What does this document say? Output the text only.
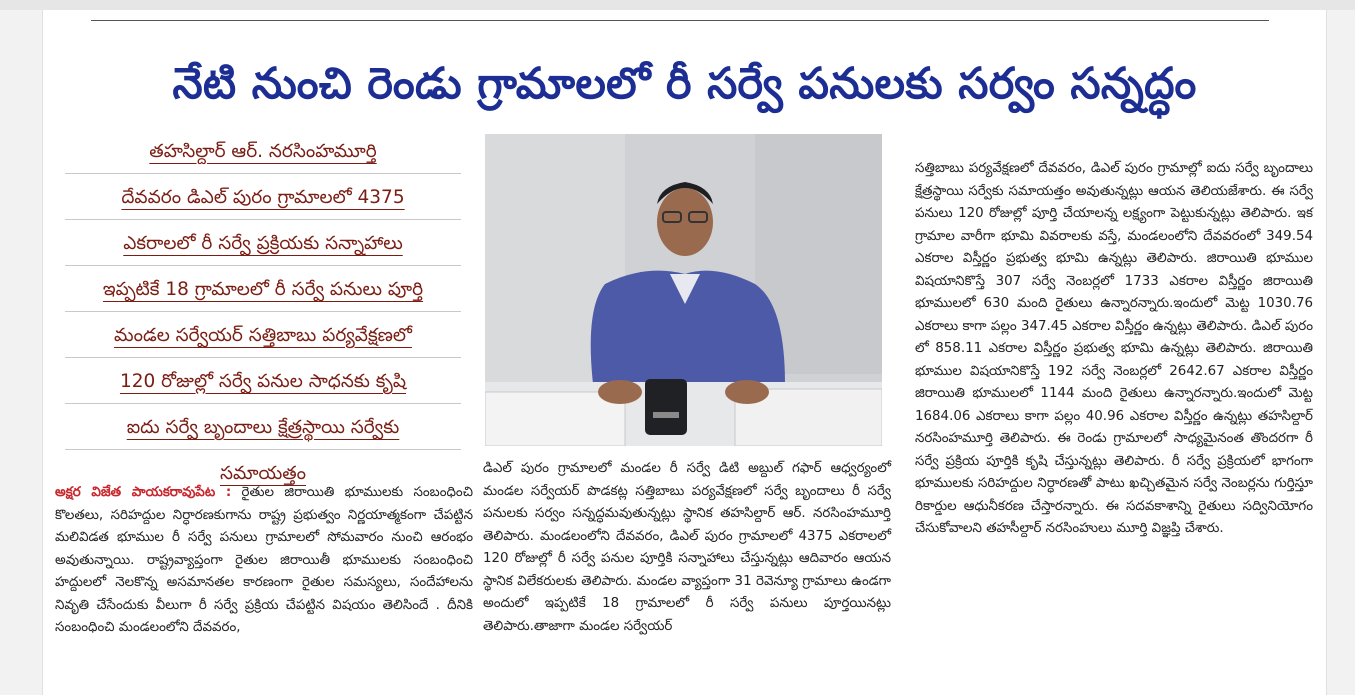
నేటి నుంచి రెండు గ్రామాలలో రీ సర్వే పనులకు సర్వం సన్నద్ధం
తహసిల్దార్ ఆర్. నరసింహమూర్తి
దేవవరం డిఎల్ పురం గ్రామాలలో 4375
ఎకరాలలో రీ సర్వే ప్రక్రియకు సన్నాహాలు
ఇప్పటికే 18 గ్రామాలలో రీ సర్వే పనులు పూర్తి
మండల సర్వేయర్ సత్తిబాబు పర్యవేక్షణలో
120 రోజుల్లో సర్వే పనుల సాధనకు కృషి
ఐదు సర్వే బృందాలు క్షేత్రస్థాయి సర్వేకు
సమాయత్తం

అక్షర విజేత పాయకరావుపేట : రైతుల జిరాయితి భూములకు సంబంధించి కొలతలు, సరిహద్దుల నిర్ధారణకుగాను రాష్ట్ర ప్రభుత్వం నిర్ణయాత్మకంగా చేపట్టిన మలివిడత భూముల రీ సర్వే పనులు గ్రామాలలో సోమవారం నుంచి ఆరంభం అవుతున్నాయి. రాష్ట్రవ్యాప్తంగా రైతుల జిరాయితీ భూములకు సంబంధించి హద్దులలో నెలకొన్న అసమానతల కారణంగా రైతుల సమస్యలు, సందేహాలను నివృతి చేసేందుకు వీలుగా రీ సర్వే ప్రక్రియ చేపట్టిన విషయం తెలిసిందే . దీనికి సంబంధించి మండలంలోని దేవవరం,

డిఎల్ పురం గ్రామాలలో మండల రీ సర్వే డిటి అబ్దుల్ గఫార్ ఆధ్వర్యంలో మండల సర్వేయర్ పొడకట్ల సత్తిబాబు పర్యవేక్షణలో సర్వే బృందాలు రీ సర్వే పనులకు సర్వం సన్నద్ధమవుతున్నట్లు స్థానిక తహసిల్దార్ ఆర్. నరసింహమూర్తి తెలిపారు. మండలంలోని దేవవరం, డిఎల్ పురం గ్రామాలలో 4375 ఎకరాలలో 120 రోజుల్లో రీ సర్వే పనుల పూర్తికి సన్నాహాలు చేస్తున్నట్లు ఆదివారం ఆయన స్థానిక విలేకరులకు తెలిపారు. మండల వ్యాప్తంగా 31 రెవెన్యూ గ్రామాలు ఉండగా అందులో ఇప్పటికే 18 గ్రామాలలో రీ సర్వే పనులు పూర్తయినట్లు తెలిపారు.తాజాగా మండల సర్వేయర్

సత్తిబాబు పర్యవేక్షణలో దేవవరం, డిఎల్ పురం గ్రామాల్లో ఐదు సర్వే బృందాలు క్షేత్రస్థాయి సర్వేకు సమాయత్తం అవుతున్నట్లు ఆయన తెలియజేశారు. ఈ సర్వే పనులు 120 రోజుల్లో పూర్తి చేయాలన్న లక్ష్యంగా పెట్టుకున్నట్లు తెలిపారు. ఇక గ్రామాల వారీగా భూమి వివరాలకు వస్తే, మండలంలోని దేవవరంలో 349.54 ఎకరాల విస్తీర్ణం ప్రభుత్వ భూమి ఉన్నట్లు తెలిపారు. జిరాయితి భూముల విషయానికొస్తే 307 సర్వే నెంబర్లలో 1733 ఎకరాల విస్తీర్ణం జిరాయితి భూములలో 630 మంది రైతులు ఉన్నారన్నారు.ఇందులో మెట్ట 1030.76 ఎకరాలు కాగా పల్లం 347.45 ఎకరాల విస్తీర్ణం ఉన్నట్లు తెలిపారు. డిఎల్ పురం లో 858.11 ఎకరాల విస్తీర్ణం ప్రభుత్వ భూమి ఉన్నట్లు తెలిపారు. జిరాయితి భూముల విషయానికొస్తే 192 సర్వే నెంబర్లలో 2642.67 ఎకరాల విస్తీర్ణం జిరాయితి భూములలో 1144 మంది రైతులు ఉన్నారన్నారు.ఇందులో మెట్ట 1684.06 ఎకరాలు కాగా పల్లం 40.96 ఎకరాల విస్తీర్ణం ఉన్నట్లు తహసిల్దార్ నరసింహమూర్తి తెలిపారు. ఈ రెండు గ్రామాలలో సాధ్యమైనంత తొందరగా రీ సర్వే ప్రక్రియ పూర్తికి కృషి చేస్తున్నట్లు తెలిపారు. రీ సర్వే ప్రక్రియలో భాగంగా భూములకు సరిహద్దుల నిర్ధారణతో పాటు ఖచ్చితమైన సర్వే నెంబర్లను గుర్తిస్తూ రికార్డుల ఆధునీకరణ చేస్తారన్నారు. ఈ సదవకాశాన్ని రైతులు సద్వినియోగం చేసుకోవాలని తహసీల్దార్ నరసింహులు మూర్తి విజ్ఞప్తి చేశారు.
